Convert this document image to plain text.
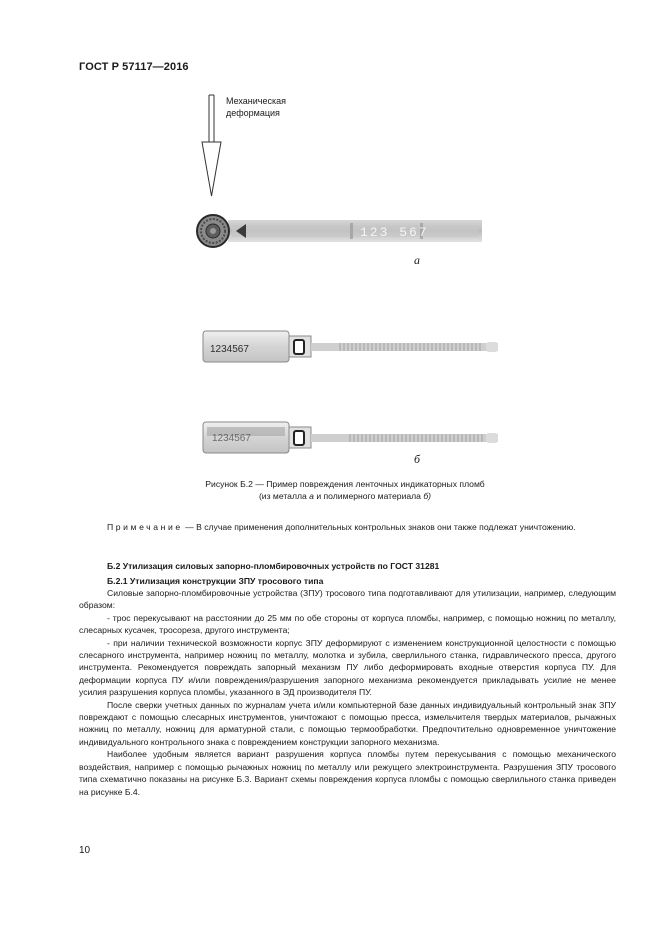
ГОСТ Р 57117—2016
123 567
1234567
1234567
Механическая
деформация
а
б
Рисунок Б.2 — Пример повреждения ленточных индикаторных пломб
(из металла а и полимерного материала б)

Примечание — В случае применения дополнительных контрольных знаков они также подлежат уничтожению.

Б.2 Утилизация силовых запорно-пломбировочных устройств по ГОСТ 31281

Б.2.1 Утилизация конструкции ЗПУ тросового типа

Силовые запорно-пломбировочные устройства (ЗПУ) тросового типа подготавливают для утилизации, например, следующим образом:

- трос перекусывают на расстоянии до 25 мм по обе стороны от корпуса пломбы, например, с помощью ножниц по металлу, слесарных кусачек, тросореза, другого инструмента;

- при наличии технической возможности корпус ЗПУ деформируют с изменением конструкционной целостности с помощью слесарного инструмента, например ножниц по металлу, молотка и зубила, сверлильного станка, гидравлического пресса, другого инструмента. Рекомендуется повреждать запорный механизм ПУ либо деформировать входные отверстия корпуса ПУ. Для деформации корпуса ПУ и/или повреждения/разрушения запорного механизма рекомендуется прикладывать усилие не менее усилия разрушения корпуса пломбы, указанного в ЭД производителя ПУ.

После сверки учетных данных по журналам учета и/или компьютерной базе данных индивидуальный контрольный знак ЗПУ повреждают с помощью слесарных инструментов, уничтожают с помощью пресса, измельчителя твердых материалов, рычажных ножниц по металлу, ножниц для арматурной стали, с помощью термообработки. Предпочтительно одновременное уничтожение индивидуального контрольного знака с повреждением конструкции запорного механизма.

Наиболее удобным является вариант разрушения корпуса пломбы путем перекусывания с помощью механического воздействия, например с помощью рычажных ножниц по металлу или режущего электроинструмента. Разрушения ЗПУ тросового типа схематично показаны на рисунке Б.3. Вариант схемы повреждения корпуса пломбы с помощью сверлильного станка приведен на рисунке Б.4.

10
